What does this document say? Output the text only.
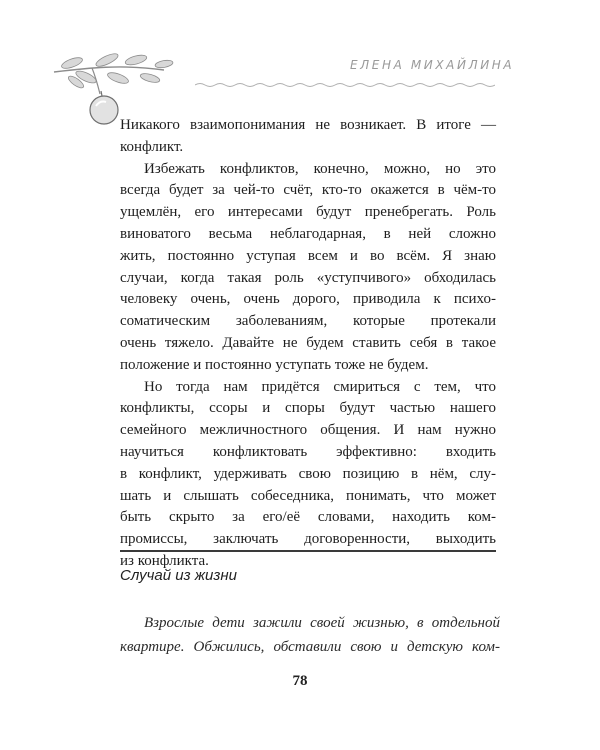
ЕЛЕНА МИХАЙЛИНА
Никакого взаимопонимания не возникает. В итоге —
конфликт.
Избежать конфликтов, конечно, можно, но это
всегда будет за чей-то счёт, кто-то окажется в чём-то
ущемлён, его интересами будут пренебрегать. Роль
виноватого весьма неблагодарная, в ней сложно
жить, постоянно уступая всем и во всём. Я знаю
случаи, когда такая роль «уступчивого» обходилась
человеку очень, очень дорого, приводила к психо-
соматическим заболеваниям, которые протекали
очень тяжело. Давайте не будем ставить себя в такое
положение и постоянно уступать тоже не будем.
Но тогда нам придётся смириться с тем, что
конфликты, ссоры и споры будут частью нашего
семейного межличностного общения. И нам нужно
научиться конфликтовать эффективно: входить
в конфликт, удерживать свою позицию в нём, слу-
шать и слышать собеседника, понимать, что может
быть скрыто за его/её словами, находить ком-
промиссы, заключать договоренности, выходить
из конфликта.
Случай из жизни
Взрослые дети зажили своей жизнью, в отдельной
квартире. Обжились, обставили свою и детскую ком-
78
